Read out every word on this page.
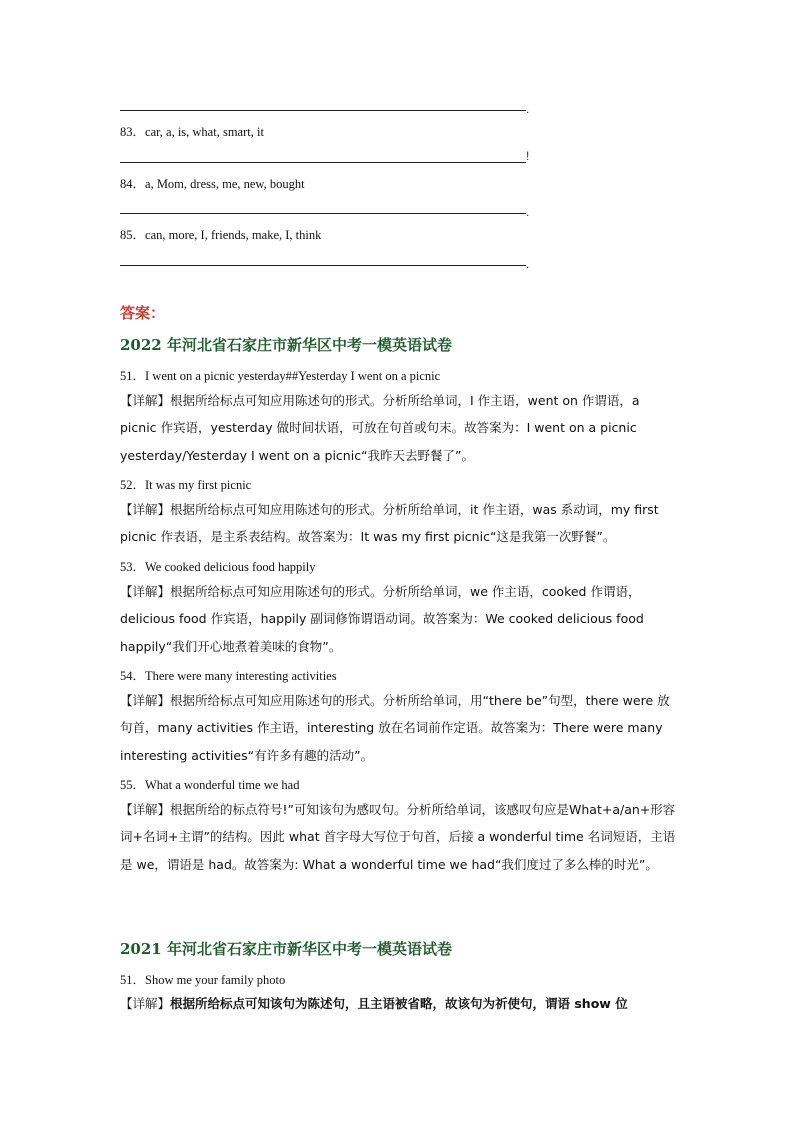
.
83．car, a, is, what, smart, it
!
84．a, Mom, dress, me, new, bought
.
85．can, more, I, friends, make, I, think
.
答案：
2022 年河北省石家庄市新华区中考一模英语试卷
51．I went on a picnic yesterday##Yesterday I went on a picnic
【详解】根据所给标点可知应用陈述句的形式。分析所给单词，I 作主语，went on 作谓语，a picnic 作宾语，yesterday 做时间状语，可放在句首或句末。故答案为：I went on a picnic yesterday/Yesterday I went on a picnic“我昨天去野餐了”。
52．It was my first picnic
【详解】根据所给标点可知应用陈述句的形式。分析所给单词，it 作主语，was 系动词，my first picnic 作表语，是主系表结构。故答案为：It was my first picnic“这是我第一次野餐”。
53．We cooked delicious food happily
【详解】根据所给标点可知应用陈述句的形式。分析所给单词，we 作主语，cooked 作谓语，delicious food 作宾语，happily 副词修饰谓语动词。故答案为：We cooked delicious food happily“我们开心地煮着美味的食物”。
54．There were many interesting activities
【详解】根据所给标点可知应用陈述句的形式。分析所给单词，用“there be”句型，there were 放句首，many activities 作主语，interesting 放在名词前作定语。故答案为：There were many interesting activities“有许多有趣的活动”。
55．What a wonderful time we had
【详解】根据所给的标点符号!”可知该句为感叹句。分析所给单词，该感叹句应是What+a/an+形容词+名词+主谓”的结构。因此 what 首字母大写位于句首，后接 a wonderful time 名词短语，主语是 we，谓语是 had。故答案为: What a wonderful time we had“我们度过了多么棒的时光”。
2021 年河北省石家庄市新华区中考一模英语试卷
51．Show me your family photo
【详解】根据所给标点可知该句为陈述句，且主语被省略，故该句为祈使句，谓语 show 位
